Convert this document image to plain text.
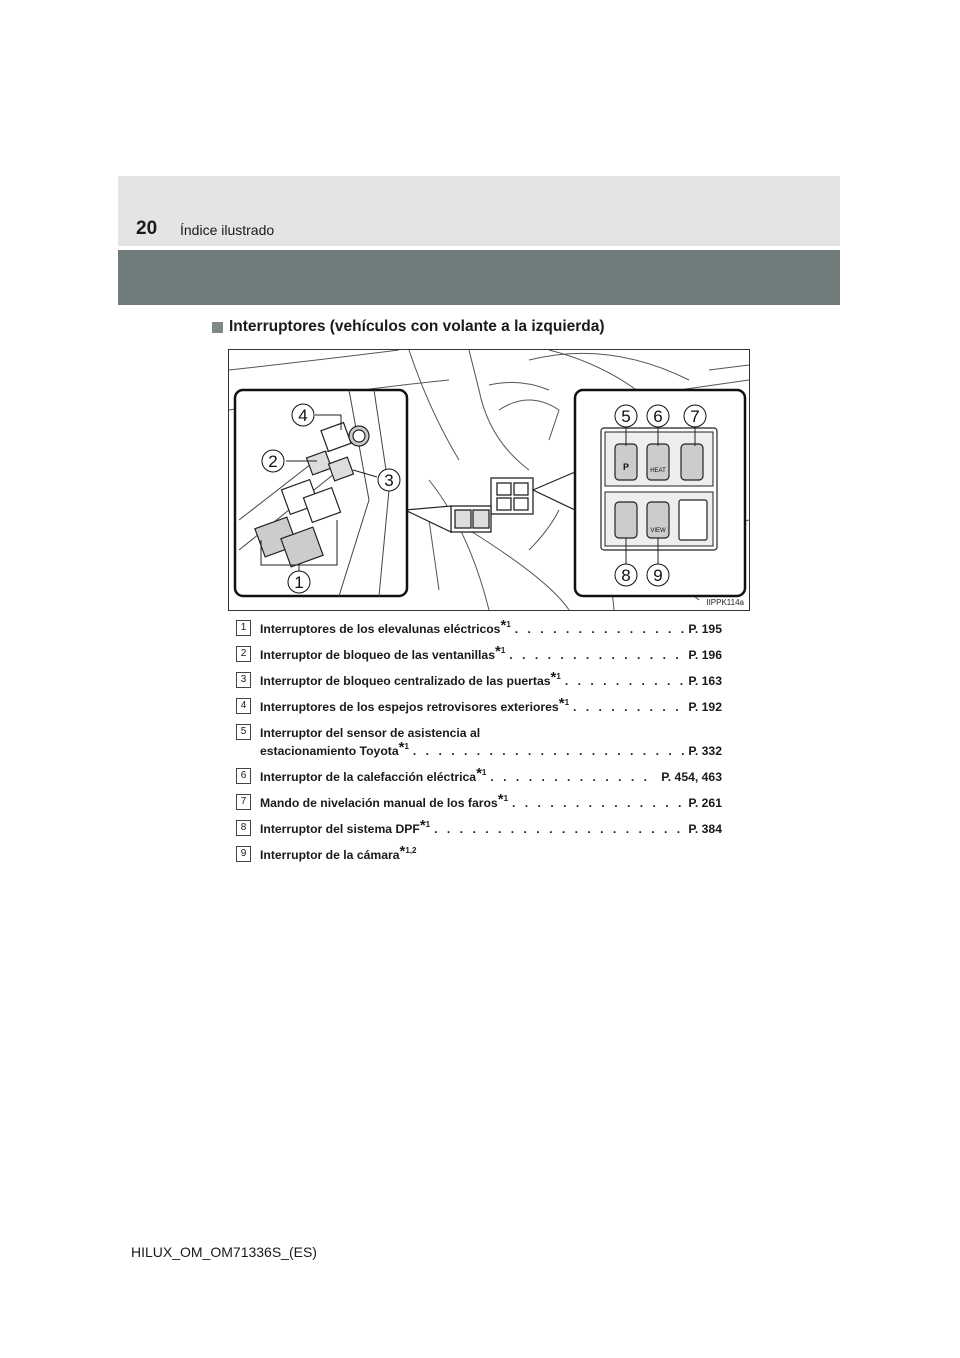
20 Índice ilustrado
Interruptores (vehículos con volante a la izquierda)
4
2
3
1
5 6 7
8 9
P	HEAT
VIEW
IIPPK114a
1	Interruptores de los elevalunas eléctricos*$^1$ . . .	P. 195
2	Interruptor de bloqueo de las ventanillas*$^1$ . . .	P. 196
3	Interruptor de bloqueo centralizado de las puertas*$^1$ . . .	P. 163
4	Interruptores de los espejos retrovisores exteriores*$^1$ . . .	P. 192
5	Interruptor del sensor de asistencia al
estacionamiento Toyota*$^1$ . . .	P. 332
6	Interruptor de la calefacción eléctrica*$^1$ . . .	P. 454, 463
7	Mando de nivelación manual de los faros*$^1$ . . .	P. 261
8	Interruptor del sistema DPF*$^1$ . . .	P. 384
9	Interruptor de la cámara*$^{1,2}$
HILUX_OM_OM71336S_(ES)
